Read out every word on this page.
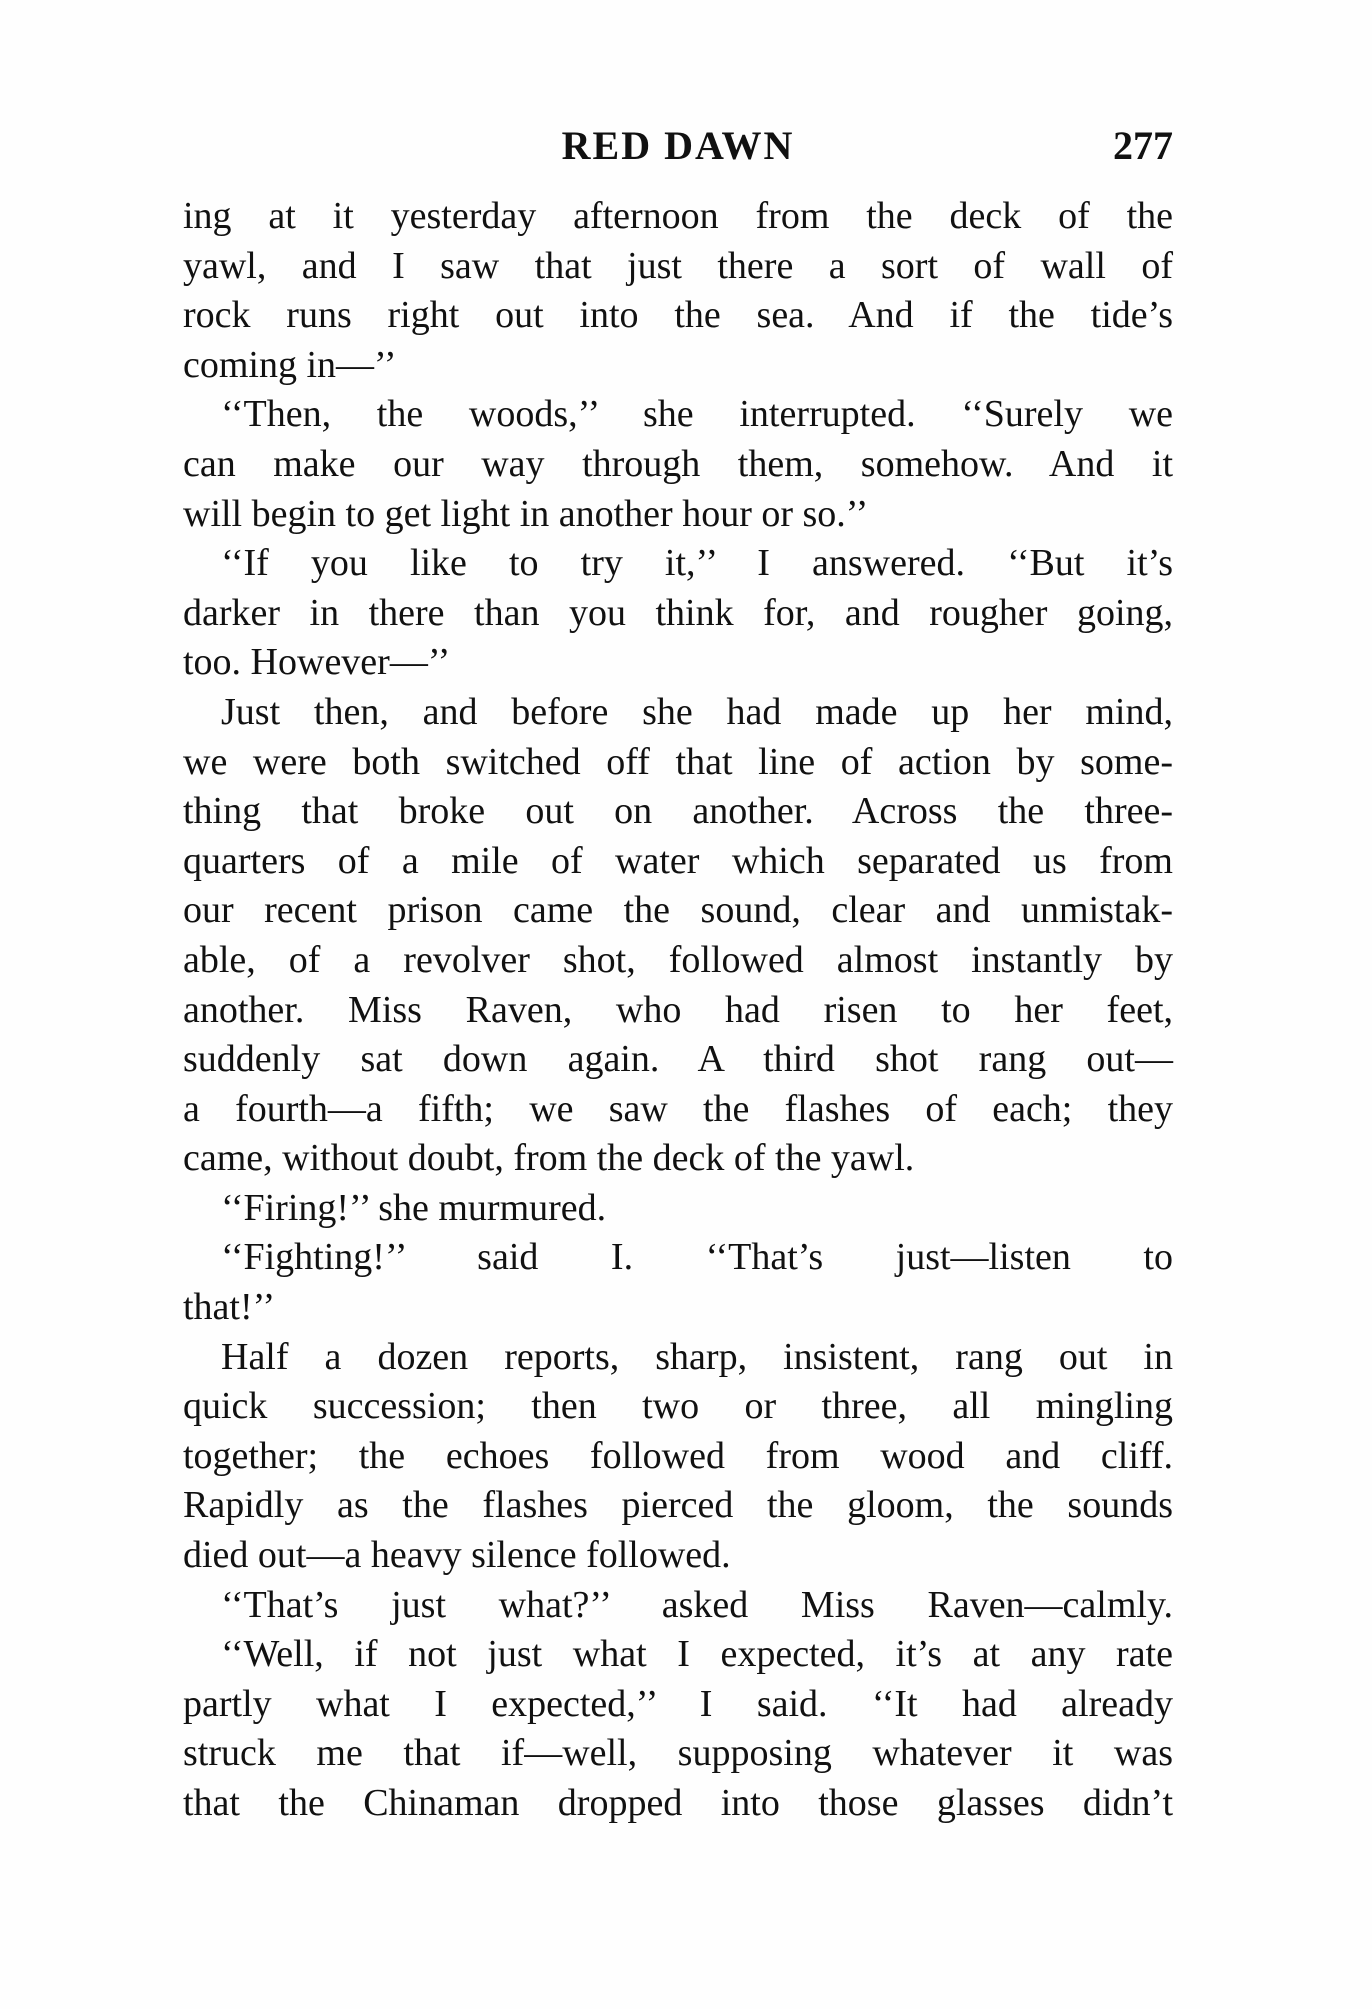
RED DAWN	277
ing at it yesterday afternoon from the deck of the
yawl, and I saw that just there a sort of wall of
rock runs right out into the sea. And if the tide’s
coming in—’’
‘‘Then, the woods,’’ she interrupted. ‘‘Surely we
can make our way through them, somehow. And it
will begin to get light in another hour or so.’’
‘‘If you like to try it,’’ I answered. ‘‘But it’s
darker in there than you think for, and rougher going,
too. However—’’
Just then, and before she had made up her mind,
we were both switched off that line of action by some-
thing that broke out on another. Across the three-
quarters of a mile of water which separated us from
our recent prison came the sound, clear and unmistak-
able, of a revolver shot, followed almost instantly by
another. Miss Raven, who had risen to her feet,
suddenly sat down again. A third shot rang out—
a fourth—a fifth; we saw the flashes of each; they
came, without doubt, from the deck of the yawl.
‘‘Firing!’’ she murmured.
‘‘Fighting!’’ said I. ‘‘That’s just—listen to
that!’’
Half a dozen reports, sharp, insistent, rang out in
quick succession; then two or three, all mingling
together; the echoes followed from wood and cliff.
Rapidly as the flashes pierced the gloom, the sounds
died out—a heavy silence followed.
‘‘That’s just what?’’ asked Miss Raven—calmly.
‘‘Well, if not just what I expected, it’s at any rate
partly what I expected,’’ I said. ‘‘It had already
struck me that if—well, supposing whatever it was
that the Chinaman dropped into those glasses didn’t
